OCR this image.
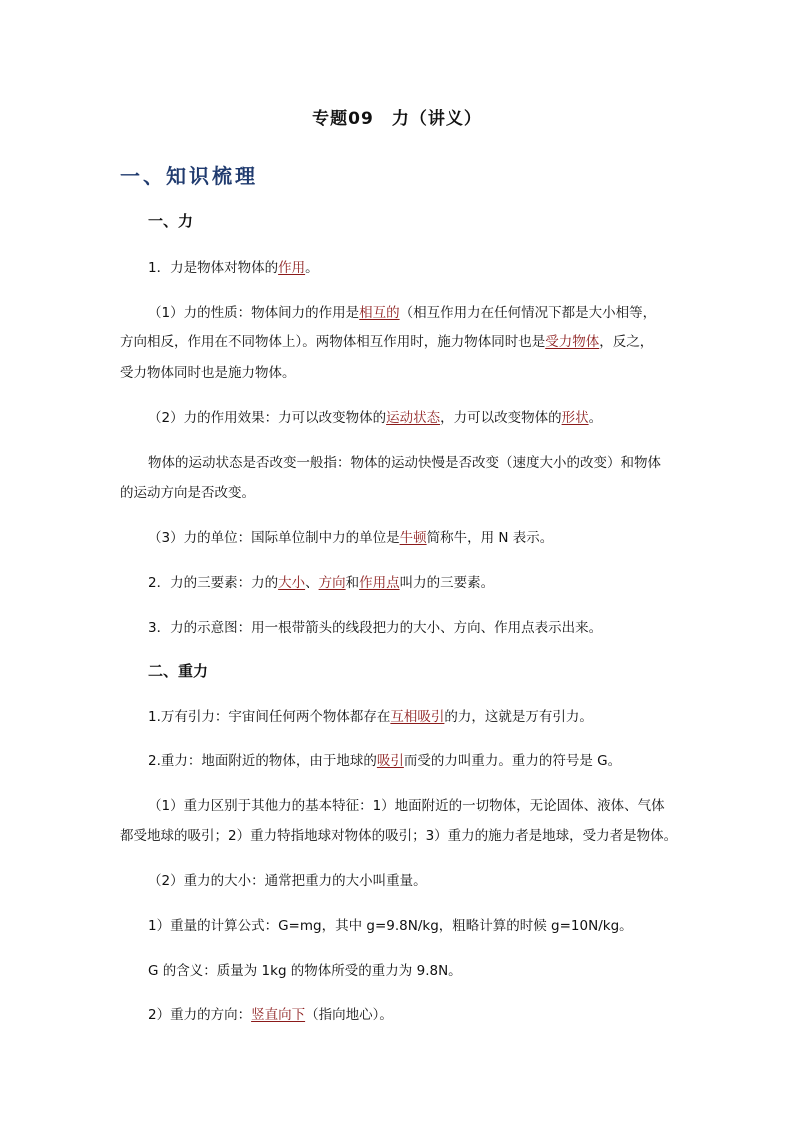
专题09　力（讲义）
一、知识梳理
一、力
1．力是物体对物体的作用。
（1）力的性质：物体间力的作用是相互的（相互作用力在任何情况下都是大小相等，
方向相反，作用在不同物体上）。两物体相互作用时，施力物体同时也是受力物体，反之，
受力物体同时也是施力物体。
（2）力的作用效果：力可以改变物体的运动状态，力可以改变物体的形状。
物体的运动状态是否改变一般指：物体的运动快慢是否改变（速度大小的改变）和物体
的运动方向是否改变。
（3）力的单位：国际单位制中力的单位是牛顿简称牛，用 N 表示。
2．力的三要素：力的大小、方向和作用点叫力的三要素。
3．力的示意图：用一根带箭头的线段把力的大小、方向、作用点表示出来。
二、重力
1.万有引力：宇宙间任何两个物体都存在互相吸引的力，这就是万有引力。
2.重力：地面附近的物体，由于地球的吸引而受的力叫重力。重力的符号是 G。
（1）重力区别于其他力的基本特征：1）地面附近的一切物体，无论固体、液体、气体
都受地球的吸引；2）重力特指地球对物体的吸引；3）重力的施力者是地球，受力者是物体。
（2）重力的大小：通常把重力的大小叫重量。
1）重量的计算公式：G=mg，其中 g=9.8N/kg，粗略计算的时候 g=10N/kg。
G 的含义：质量为 1kg 的物体所受的重力为 9.8N。
2）重力的方向：竖直向下（指向地心）。
